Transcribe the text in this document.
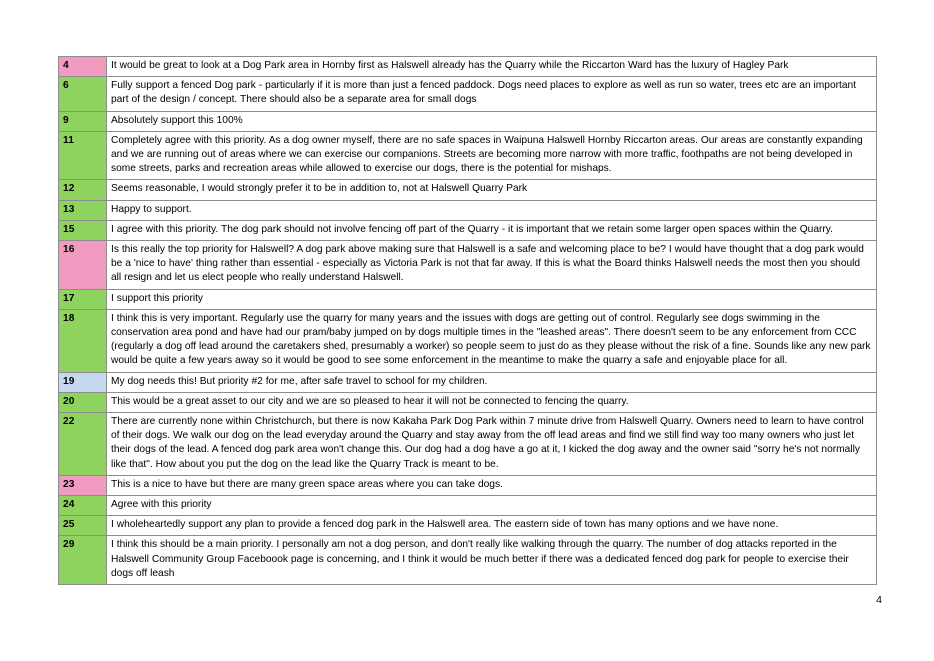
4	It would be great to look at a Dog Park area in Hornby first as Halswell already has the Quarry while the Riccarton Ward has the luxury of Hagley Park
6	Fully support a fenced Dog park - particularly if it is more than just a fenced paddock. Dogs need places to explore as well as run so water, trees etc are an important part of the design / concept. There should also be a separate area for small dogs
9	Absolutely support this 100%
11	Completely agree with this priority. As a dog owner myself, there are no safe spaces in Waipuna Halswell Hornby Riccarton areas. Our areas are constantly expanding and we are running out of areas where we can exercise our companions. Streets are becoming more narrow with more traffic, foothpaths are not being developed in some streets, parks and recreation areas while allowed to exercise our dogs, there is the potential for mishaps.
12	Seems reasonable, I would strongly prefer it to be in addition to, not at Halswell Quarry Park
13	Happy to support.
15	I agree with this priority. The dog park should not involve fencing off part of the Quarry - it is important that we retain some larger open spaces within the Quarry.
16	Is this really the top priority for Halswell? A dog park above making sure that Halswell is a safe and welcoming place to be? I would have thought that a dog park would be a 'nice to have' thing rather than essential - especially as Victoria Park is not that far away. If this is what the Board thinks Halswell needs the most then you should all resign and let us elect people who really understand Halswell.
17	I support this priority
18	I think this is very important. Regularly use the quarry for many years and the issues with dogs are getting out of control. Regularly see dogs swimming in the conservation area pond and have had our pram/baby jumped on by dogs multiple times in the "leashed areas". There doesn't seem to be any enforcement from CCC (regularly a dog off lead around the caretakers shed, presumably a worker) so people seem to just do as they please without the risk of a fine. Sounds like any new park would be quite a few years away so it would be good to see some enforcement in the meantime to make the quarry a safe and enjoyable place for all.
19	My dog needs this! But priority #2 for me, after safe travel to school for my children.
20	This would be a great asset to our city and we are so pleased to hear it will not be connected to fencing the quarry.
22	There are currently none within Christchurch, but there is now Kakaha Park Dog Park within 7 minute drive from Halswell Quarry. Owners need to learn to have control of their dogs. We walk our dog on the lead everyday around the Quarry and stay away from the off lead areas and find we still find way too many owners who just let their dogs of the lead. A fenced dog park area won't change this. Our dog had a dog have a go at it, I kicked the dog away and the owner said "sorry he's not normally like that". How about you put the dog on the lead like the Quarry Track is meant to be.
23	This is a nice to have but there are many green space areas where you can take dogs.
24	Agree with this priority
25	I wholeheartedly support any plan to provide a fenced dog park in the Halswell area. The eastern side of town has many options and we have none.
29	I think this should be a main priority. I personally am not a dog person, and don't really like walking through the quarry. The number of dog attacks reported in the Halswell Community Group Faceboook page is concerning, and I think it would be much better if there was a dedicated fenced dog park for people to exercise their dogs off leash
4
